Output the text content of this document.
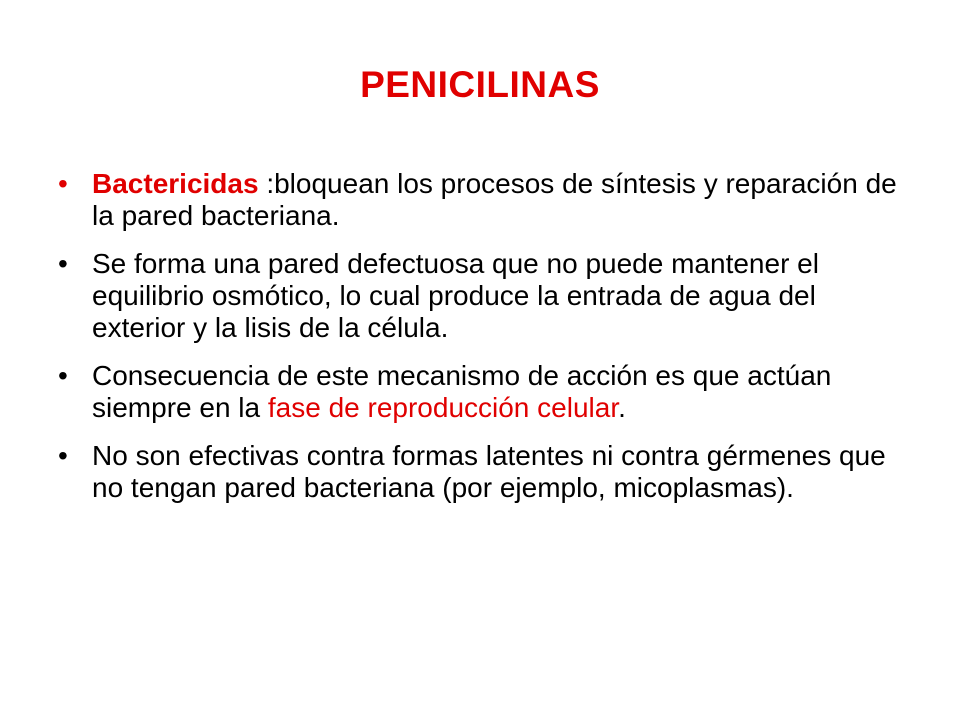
PENICILINAS
• Bactericidas :bloquean los procesos de síntesis y reparación de la pared bacteriana.
• Se forma una pared defectuosa que no puede mantener el equilibrio osmótico, lo cual produce la entrada de agua del exterior y la lisis de la célula.
• Consecuencia de este mecanismo de acción es que actúan siempre en la fase de reproducción celular.
• No son efectivas contra formas latentes ni contra gérmenes que no tengan pared bacteriana (por ejemplo, micoplasmas).
